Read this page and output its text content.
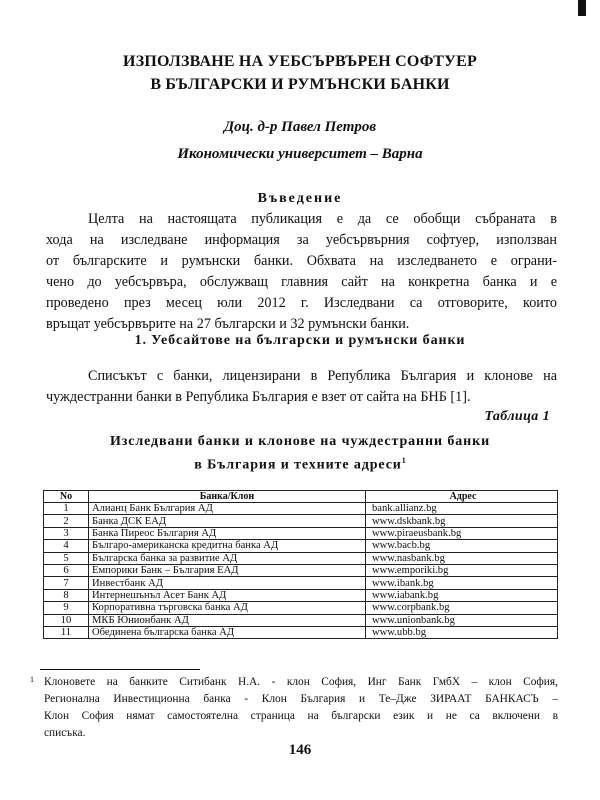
ИЗПОЛЗВАНЕ НА УЕБСЪРВЪРЕН СОФТУЕР
В БЪЛГАРСКИ И РУМЪНСКИ БАНКИ
Доц. д-р Павел Петров
Икономически университет – Варна
Въведение
Целта на настоящата публикация е да се обобщи събраната в
хода на изследване информация за уебсървърния софтуер, използван
от българските и румънски банки. Обхвата на изследването е ограни-
чено до уебсървъра, обслужващ главния сайт на конкретна банка и е
проведено през месец юли 2012 г. Изследвани са отговорите, които
връщат уебсървърите на 27 български и 32 румънски банки.
1. Уебсайтове на български и румънски банки
Списъкът с банки, лицензирани в Република България и клонове на
чуждестранни банки в Република България е взет от сайта на БНБ [1].
Таблица 1
Изследвани банки и клонове на чуждестранни банки
в България и техните адреси$^1$
No	Банка/Клон	Адрес
1	Алианц Банк България АД	bank.allianz.bg
2	Банка ДСК ЕАД	www.dskbank.bg
3	Банка Пиреос България АД	www.piraeusbank.bg
4	Българо-американска кредитна банка АД	www.bacb.bg
5	Българска банка за развитие АД	www.nasbank.bg
6	Емпорики Банк – България ЕАД	www.emporiki.bg
7	Инвестбанк АД	www.ibank.bg
8	Интернешънъл Асет Банк АД	www.iabank.bg
9	Корпоративна търговска банка АД	www.corpbank.bg
10	МКБ Юнионбанк АД	www.unionbank.bg
11	Обединена българска банка АД	www.ubb.bg
1 Клоновете на банките Ситибанк Н.А. - клон София, Инг Банк ГмбХ – клон София,
Регионална Инвестиционна банка - Клон България и Те–Дже ЗИРААТ БАНКАСЪ –
Клон София нямат самостоятелна страница на български език и не са включени в
списъка.
146
